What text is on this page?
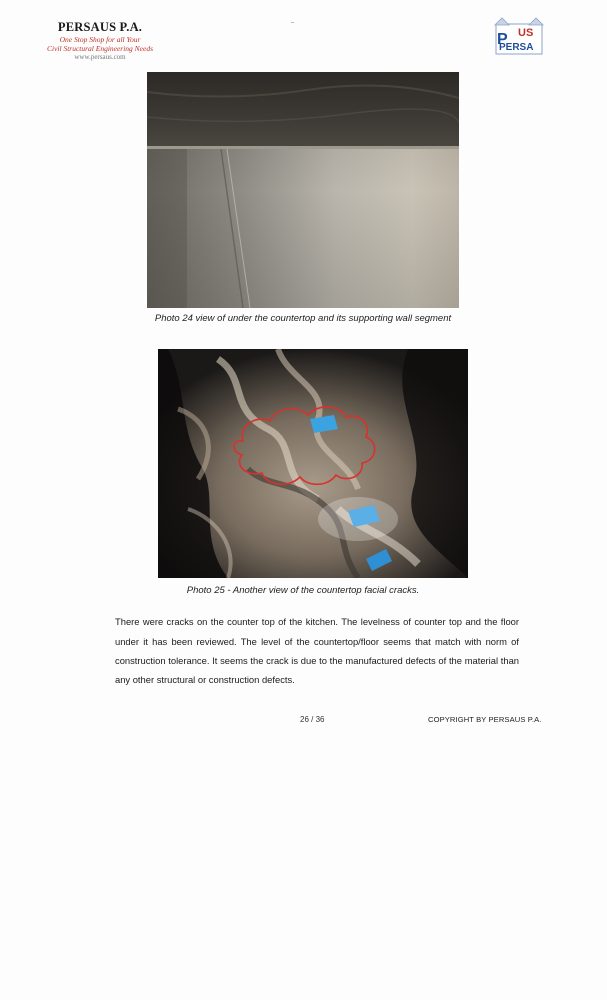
PERSAUS P.A.
One Stop Shop for all Your
Civil Structural Engineering Needs
www.persaus.com
P US
PERSA
Photo 24 view of under the countertop and its supporting wall segment
Photo 25 - Another view of the countertop facial cracks.

There were cracks on the counter top of the kitchen. The levelness of counter top and the floor under it has been reviewed. The level of the countertop/floor seems that match with norm of construction tolerance. It seems the crack is due to the manufactured defects of the material than any other structural or construction defects.

26 / 36	COPYRIGHT BY PERSAUS P.A.
